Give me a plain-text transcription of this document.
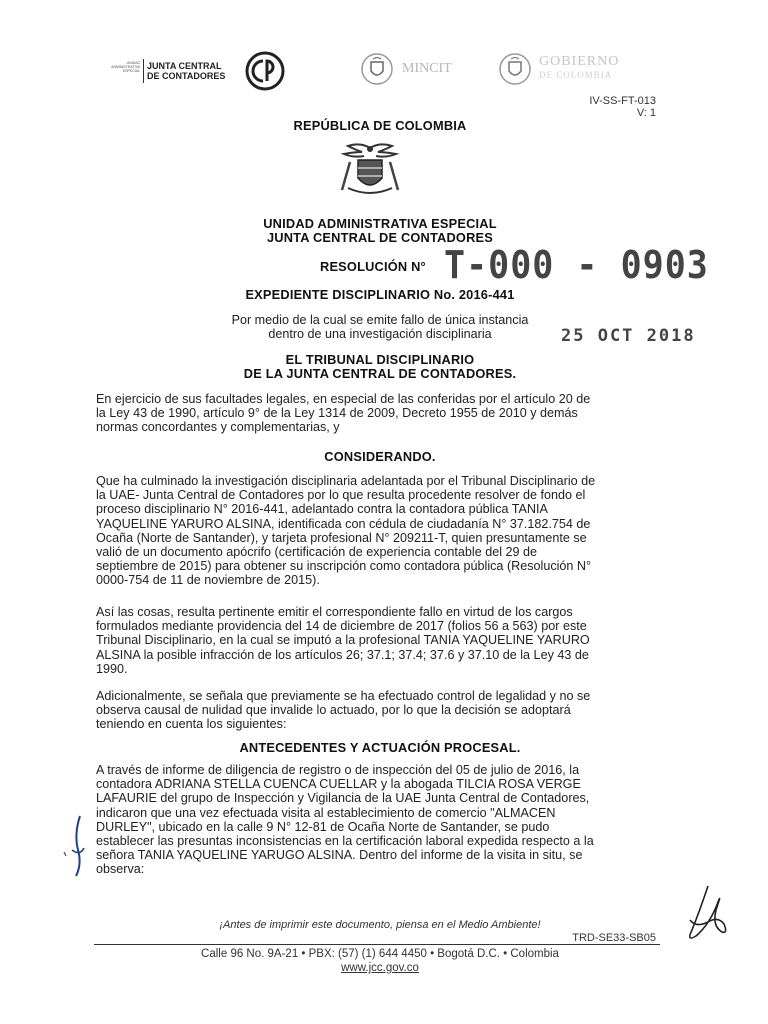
UNIDAD
ADMINISTRATIVA
ESPECIAL JUNTA CENTRAL
DE CONTADORES	MINCIT	GOBIERNO
DE COLOMBIA
IV-SS-FT-013
V: 1
REPÚBLICA DE COLOMBIA
UNIDAD ADMINISTRATIVA ESPECIAL
JUNTA CENTRAL DE CONTADORES
RESOLUCIÓN N° T-000 - 0903
EXPEDIENTE DISCIPLINARIO No. 2016-441
Por medio de la cual se emite fallo de única instancia
dentro de una investigación disciplinaria	25 OCT 2018
EL TRIBUNAL DISCIPLINARIO
DE LA JUNTA CENTRAL DE CONTADORES.
En ejercicio de sus facultades legales, en especial de las conferidas por el artículo 20 de
la Ley 43 de 1990, artículo 9° de la Ley 1314 de 2009, Decreto 1955 de 2010 y demás
normas concordantes y complementarias, y
CONSIDERANDO.
Que ha culminado la investigación disciplinaria adelantada por el Tribunal Disciplinario de
la UAE- Junta Central de Contadores por lo que resulta procedente resolver de fondo el
proceso disciplinario N° 2016-441, adelantado contra la contadora pública TANIA
YAQUELINE YARURO ALSINA, identificada con cédula de ciudadanía N° 37.182.754 de
Ocaña (Norte de Santander), y tarjeta profesional N° 209211-T, quien presuntamente se
valió de un documento apócrifo (certificación de experiencia contable del 29 de
septiembre de 2015) para obtener su inscripción como contadora pública (Resolución N°
0000-754 de 11 de noviembre de 2015).
Así las cosas, resulta pertinente emitir el correspondiente fallo en virtud de los cargos
formulados mediante providencia del 14 de diciembre de 2017 (folios 56 a 563) por este
Tribunal Disciplinario, en la cual se imputó a la profesional TANIA YAQUELINE YARURO
ALSINA la posible infracción de los artículos 26; 37.1; 37.4; 37.6 y 37.10 de la Ley 43 de
1990.
Adicionalmente, se señala que previamente se ha efectuado control de legalidad y no se
observa causal de nulidad que invalide lo actuado, por lo que la decisión se adoptará
teniendo en cuenta los siguientes:
ANTECEDENTES Y ACTUACIÓN PROCESAL.
A través de informe de diligencia de registro o de inspección del 05 de julio de 2016, la
contadora ADRIANA STELLA CUENCA CUELLAR y la abogada TILCIA ROSA VERGE
LAFAURIE del grupo de Inspección y Vigilancia de la UAE Junta Central de Contadores,
indicaron que una vez efectuada visita al establecimiento de comercio "ALMACEN
DURLEY", ubicado en la calle 9 N° 12-81 de Ocaña Norte de Santander, se pudo
establecer las presuntas inconsistencias en la certificación laboral expedida respecto a la
señora TANIA YAQUELINE YARUGO ALSINA. Dentro del informe de la visita in situ, se
observa:
¡Antes de imprimir este documento, piensa en el Medio Ambiente!
TRD-SE33-SB05
Calle 96 No. 9A-21 • PBX: (57) (1) 644 4450 • Bogotá D.C. • Colombia
www.jcc.gov.co
